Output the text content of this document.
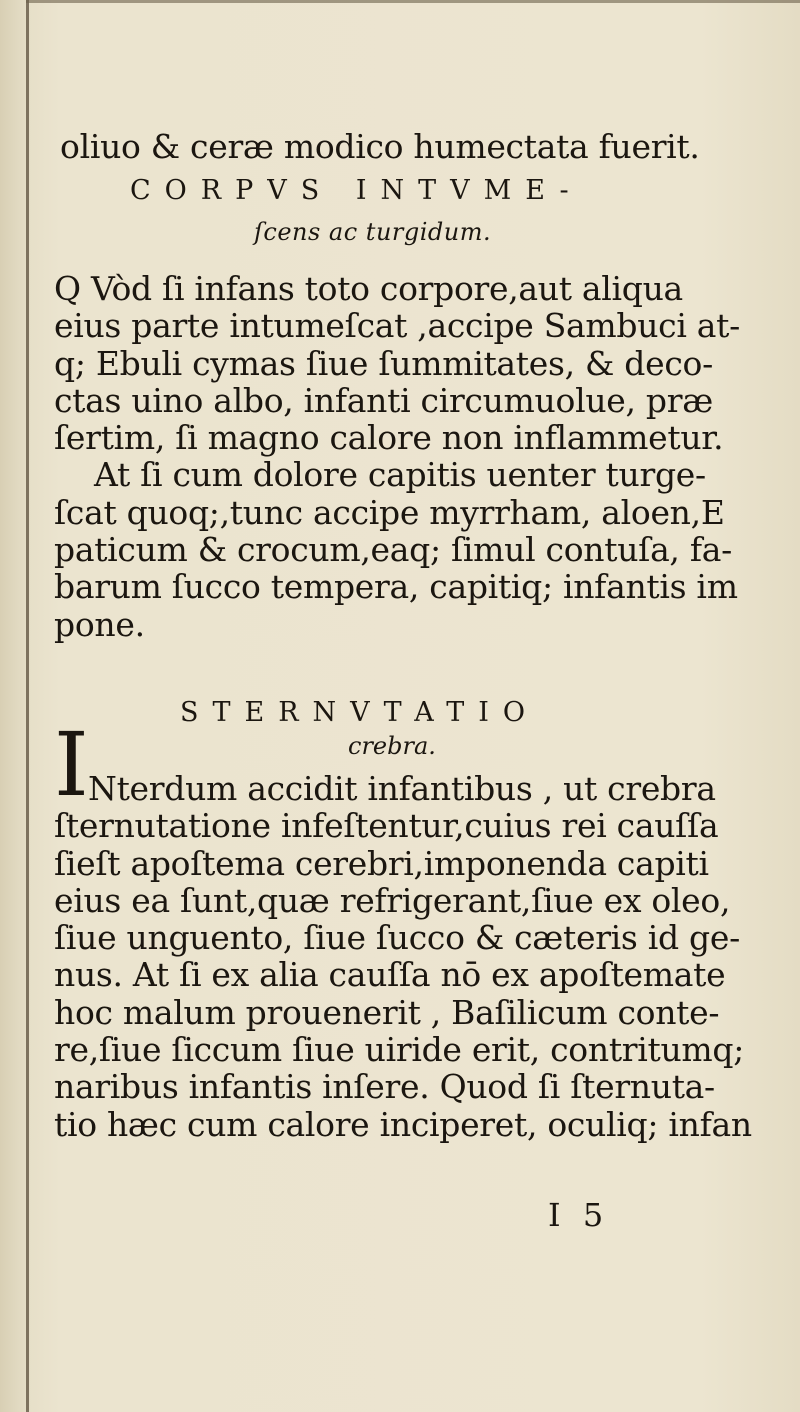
oliuo & ceræ modico humectata fuerit.
CORPVS INTVME-
ſcens ac turgidum.
Q Vòd ſi infans toto corpore,aut aliqua
eius parte intumeſcat ,accipe Sambuci at-
q; Ebuli cymas ſiue ſummitates, & deco-
ctas uino albo, infanti circumuolue, præ
ſertim, ſi magno calore non inflammetur.
At ſi cum dolore capitis uenter turge-
ſcat quoq;,tunc accipe myrrham, aloen,E
paticum & crocum,eaq; ſimul contuſa, fa-
barum ſucco tempera, capitiq; infantis im
pone.
STERNVTATIO
crebra.
I Nterdum accidit infantibus , ut crebra
ſternutatione infeſtentur,cuius rei cauſſa
ſieſt apoſtema cerebri,imponenda capiti
eius ea ſunt,quæ refrigerant,ſiue ex oleo,
ſiue unguento, ſiue ſucco & cæteris id ge-
nus. At ſi ex alia cauſſa nō ex apoſtemate
hoc malum prouenerit , Baſilicum conte-
re,ſiue ſiccum ſiue uiride erit, contritumq;
naribus infantis inſere. Quod ſi ſternuta-
tio hæc cum calore inciperet, oculiq; infan
I 5
